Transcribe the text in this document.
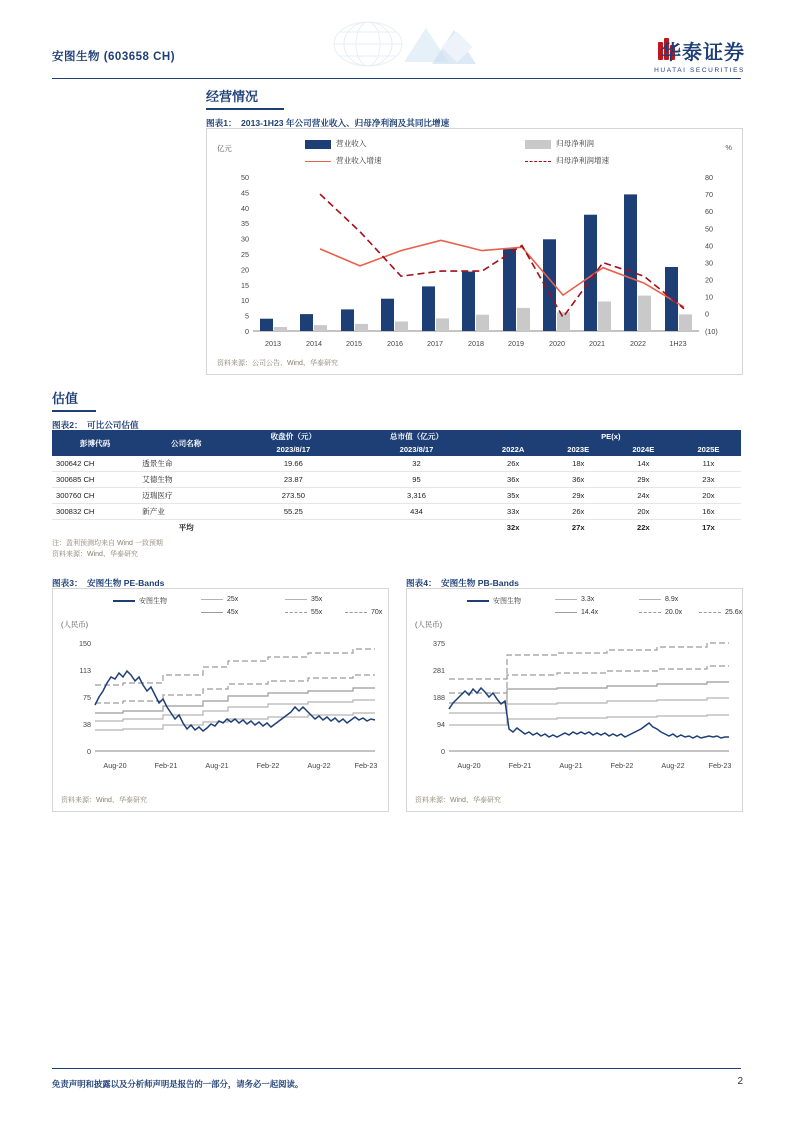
安图生物 (603658 CH)	华泰证券
HUATAI SECURITIES
经营情况
图表1： 2013-1H23 年公司营业收入、归母净利润及其同比增速
营业收入	归母净利润
营业收入增速	归母净利润增速
亿元	%
50
45
40
35
30
25
20
15
10
5
0
80
70
60
50
40
30
20
10
0
(10)
2013	2014	2015	2016	2017	2018	2019	2020	2021	2022	1H23
资料来源：公司公告、Wind、华泰研究
估值
图表2： 可比公司估值
彭博代码	公司名称	收盘价（元）	总市值（亿元）	PE(x)			
		2023/8/17	2023/8/17	2022A	2023E	2024E	2025E
300642 CH	透景生命	19.66	32	26x	18x	14x	11x
300685 CH	艾德生物	23.87	95	36x	36x	29x	23x
300760 CH	迈瑞医疗	273.50	3,316	35x	29x	24x	20x
300832 CH	新产业	55.25	434	33x	26x	20x	16x
	平均			32x	27x	22x	17x
注：盈利预测均来自 Wind 一致预期
资料来源：Wind、华泰研究
图表3： 安图生物 PE-Bands	图表4： 安图生物 PB-Bands
安图生物	25x	35x
45x	55x	70x
(人民币)
150
113
75
38
0
Aug-20	Feb-21	Aug-21	Feb-22	Aug-22	Feb-23
资料来源：Wind、华泰研究
安图生物	3.3x	8.9x
14.4x	20.0x	25.6x
(人民币)
375
281
188
94
0
Aug-20	Feb-21	Aug-21	Feb-22	Aug-22	Feb-23
资料来源：Wind、华泰研究
免责声明和披露以及分析师声明是报告的一部分，请务必一起阅读。	2
